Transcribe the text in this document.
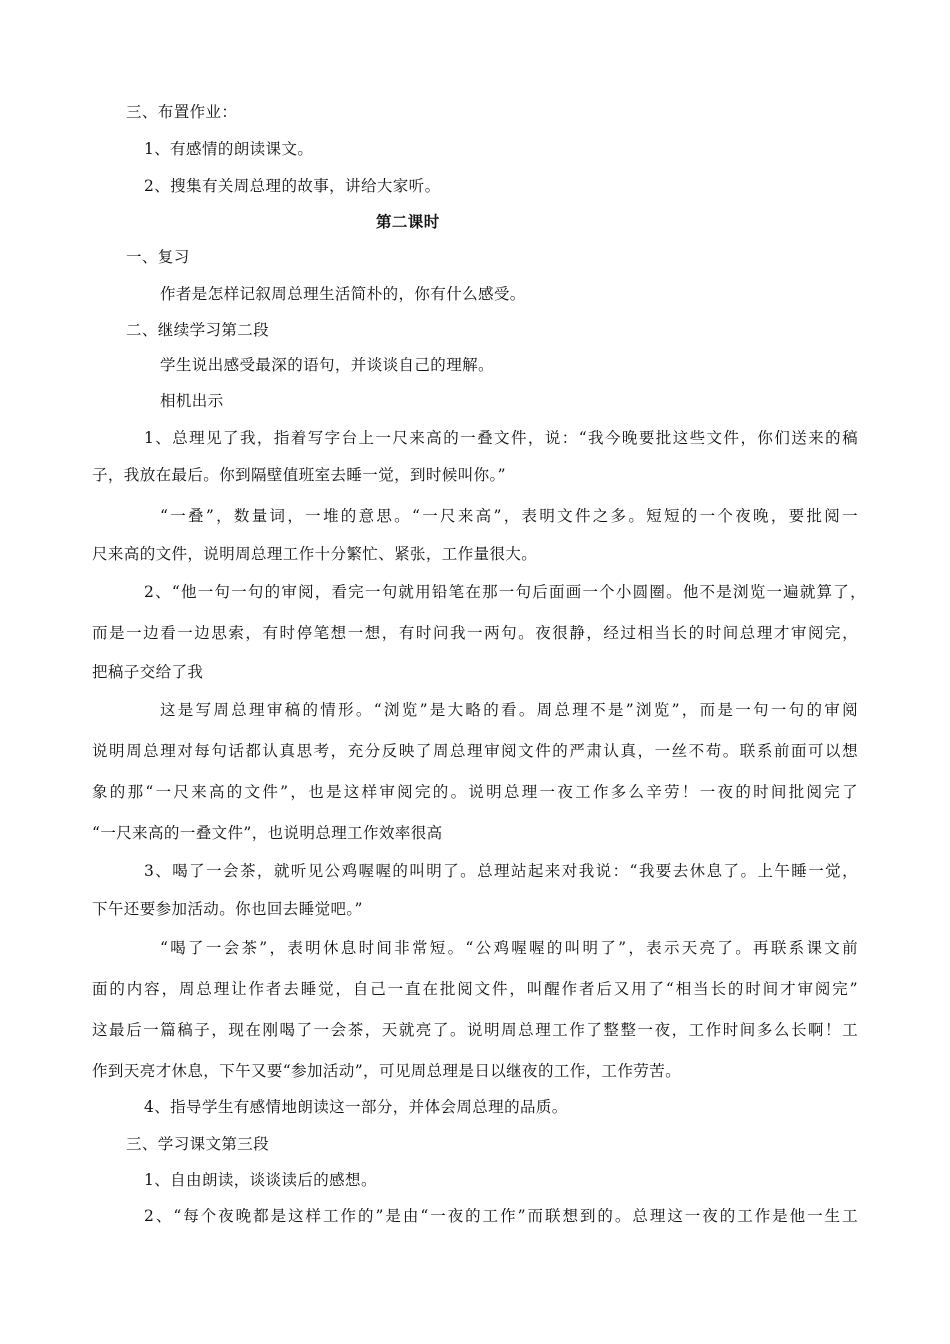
三、布置作业：
1、有感情的朗读课文。
2、搜集有关周总理的故事，讲给大家听。
第二课时
一、复习
作者是怎样记叙周总理生活简朴的，你有什么感受。
二、继续学习第二段
学生说出感受最深的语句，并谈谈自己的理解。
相机出示
1、总理见了我，指着写字台上一尺来高的一叠文件，说：“我今晚要批这些文件，你们送来的稿
子，我放在最后。你到隔壁值班室去睡一觉，到时候叫你。”
“一叠”，数量词，一堆的意思。“一尺来高”，表明文件之多。短短的一个夜晚，要批阅一
尺来高的文件，说明周总理工作十分繁忙、紧张，工作量很大。
2、“他一句一句的审阅，看完一句就用铅笔在那一句后面画一个小圆圈。他不是浏览一遍就算了，
而是一边看一边思索，有时停笔想一想，有时问我一两句。夜很静，经过相当长的时间总理才审阅完，
把稿子交给了我
这是写周总理审稿的情形。“浏览”是大略的看。周总理不是”浏览”，而是一句一句的审阅
说明周总理对每句话都认真思考，充分反映了周总理审阅文件的严肃认真，一丝不苟。联系前面可以想
象的那“一尺来高的文件”，也是这样审阅完的。说明总理一夜工作多么辛劳！一夜的时间批阅完了
“一尺来高的一叠文件”，也说明总理工作效率很高
3、喝了一会茶，就听见公鸡喔喔的叫明了。总理站起来对我说：“我要去休息了。上午睡一觉，
下午还要参加活动。你也回去睡觉吧。”
“喝了一会茶”，表明休息时间非常短。“公鸡喔喔的叫明了”，表示天亮了。再联系课文前
面的内容，周总理让作者去睡觉，自己一直在批阅文件，叫醒作者后又用了“相当长的时间才审阅完”
这最后一篇稿子，现在刚喝了一会茶，天就亮了。说明周总理工作了整整一夜，工作时间多么长啊！工
作到天亮才休息，下午又要“参加活动”，可见周总理是日以继夜的工作，工作劳苦。
4、指导学生有感情地朗读这一部分，并体会周总理的品质。
三、学习课文第三段
1、自由朗读，谈谈读后的感想。
2、“每个夜晚都是这样工作的”是由“一夜的工作”而联想到的。总理这一夜的工作是他一生工
